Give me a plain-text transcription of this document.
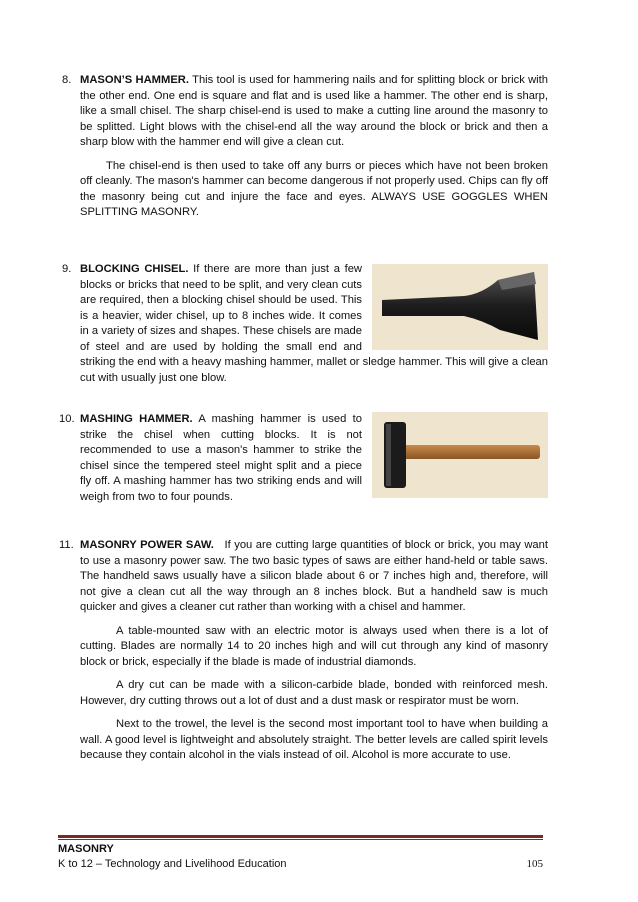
8. MASON’S HAMMER. This tool is used for hammering nails and for splitting block or brick with the other end. One end is square and flat and is used like a hammer. The other end is sharp, like a small chisel. The sharp chisel-end is used to make a cutting line around the masonry to be splitted. Light blows with the chisel-end all the way around the block or brick and then a sharp blow with the hammer end will give a clean cut.

The chisel-end is then used to take off any burrs or pieces which have not been broken off cleanly. The mason's hammer can become dangerous if not properly used. Chips can fly off the masonry being cut and injure the face and eyes. ALWAYS USE GOGGLES WHEN SPLITTING MASONRY.

9. BLOCKING CHISEL. If there are more than just a few blocks or bricks that need to be split, and very clean cuts are required, then a blocking chisel should be used. This is a heavier, wider chisel, up to 8 inches wide. It comes in a variety of sizes and shapes. These chisels are made of steel and are used by holding the small end and striking the end with a heavy mashing hammer, mallet or sledge hammer. This will give a clean cut with usually just one blow.

10. MASHING HAMMER. A mashing hammer is used to strike the chisel when cutting blocks. It is not recommended to use a mason's hammer to strike the chisel since the tempered steel might split and a piece fly off. A mashing hammer has two striking ends and will weigh from two to four pounds.

11. MASONRY POWER SAW. If you are cutting large quantities of block or brick, you may want to use a masonry power saw. The two basic types of saws are either hand-held or table saws. The handheld saws usually have a silicon blade about 6 or 7 inches high and, therefore, will not give a clean cut all the way through an 8 inches block. But a handheld saw is much quicker and gives a cleaner cut rather than working with a chisel and hammer.

A table-mounted saw with an electric motor is always used when there is a lot of cutting. Blades are normally 14 to 20 inches high and will cut through any kind of masonry block or brick, especially if the blade is made of industrial diamonds.

A dry cut can be made with a silicon-carbide blade, bonded with reinforced mesh. However, dry cutting throws out a lot of dust and a dust mask or respirator must be worn.

Next to the trowel, the level is the second most important tool to have when building a wall. A good level is lightweight and absolutely straight. The better levels are called spirit levels because they contain alcohol in the vials instead of oil. Alcohol is more accurate to use.

MASONRY
K to 12 – Technology and Livelihood Education	105
